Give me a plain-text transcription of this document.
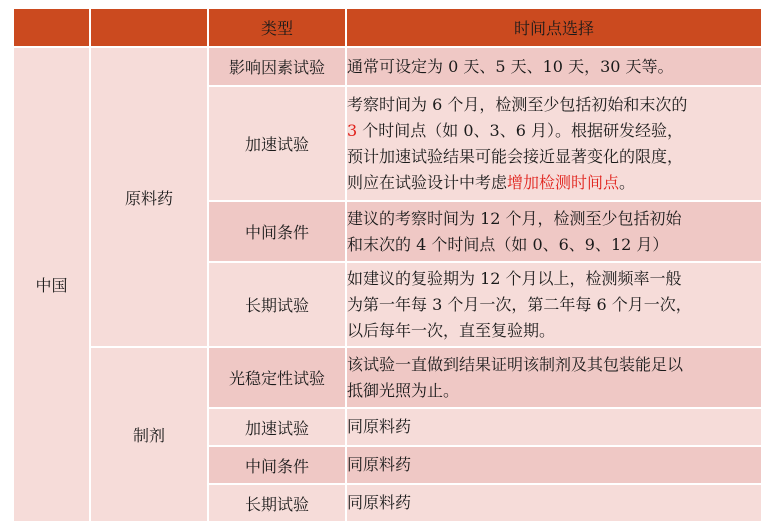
		类型	时间点选择
中国	原料药	影响因素试验	通常可设定为 0 天、5 天、10 天，30 天等。
		加速试验	考察时间为 6 个月，检测至少包括初始和末次的
3 个时间点（如 0、3、6 月）。根据研发经验，
预计加速试验结果可能会接近显著变化的限度，
则应在试验设计中考虑增加检测时间点。

		中间条件	建议的考察时间为 12 个月，检测至少包括初始
和末次的 4 个时间点（如 0、6、9、12 月）

		长期试验	如建议的复验期为 12 个月以上，检测频率一般
为第一年每 3 个月一次，第二年每 6 个月一次，
以后每年一次，直至复验期。

	制剂	光稳定性试验	该试验一直做到结果证明该制剂及其包装能足以
抵御光照为止。

		加速试验	同原料药
		中间条件	同原料药
		长期试验	同原料药
